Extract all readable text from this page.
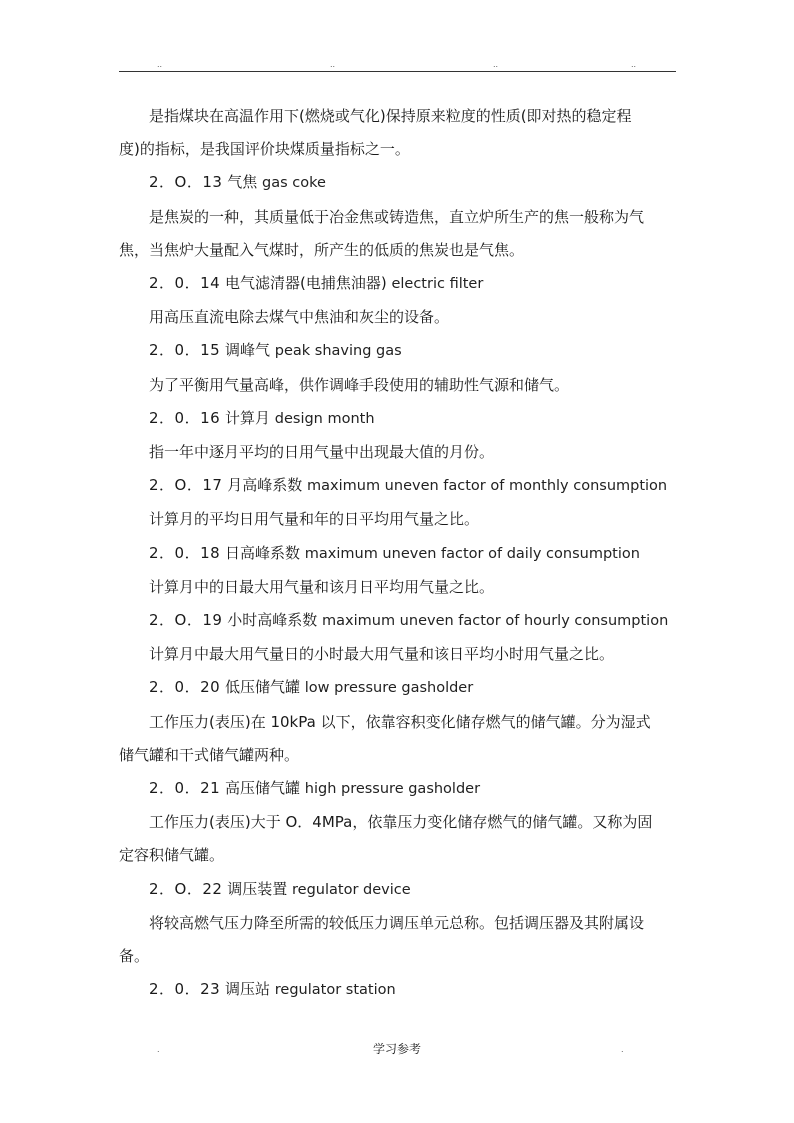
..	..	..	..

是指煤块在高温作用下(燃烧或气化)保持原来粒度的性质(即对热的稳定程

度)的指标，是我国评价块煤质量指标之一。

2．O．13 气焦 gas coke

是焦炭的一种，其质量低于冶金焦或铸造焦，直立炉所生产的焦一般称为气

焦，当焦炉大量配入气煤时，所产生的低质的焦炭也是气焦。

2．0．14 电气滤清器(电捕焦油器) electric filter

用高压直流电除去煤气中焦油和灰尘的设备。

2．0．15 调峰气 peak shaving gas

为了平衡用气量高峰，供作调峰手段使用的辅助性气源和储气。

2．0．16 计算月 design month

指一年中逐月平均的日用气量中出现最大值的月份。

2．O．17 月高峰系数 maximum uneven factor of monthly consumption

计算月的平均日用气量和年的日平均用气量之比。

2．0．18 日高峰系数 maximum uneven factor of daily consumption

计算月中的日最大用气量和该月日平均用气量之比。

2．O．19 小时高峰系数 maximum uneven factor of hourly consumption

计算月中最大用气量日的小时最大用气量和该日平均小时用气量之比。

2．0．20 低压储气罐 low pressure gasholder

工作压力(表压)在 10kPa 以下，依靠容积变化储存燃气的储气罐。分为湿式

储气罐和干式储气罐两种。

2．0．21 高压储气罐 high pressure gasholder

工作压力(表压)大于 O．4MPa，依靠压力变化储存燃气的储气罐。又称为固

定容积储气罐。

2．O．22 调压装置 regulator device

将较高燃气压力降至所需的较低压力调压单元总称。包括调压器及其附属设

备。

2．0．23 调压站 regulator station

.	学习参考	.
